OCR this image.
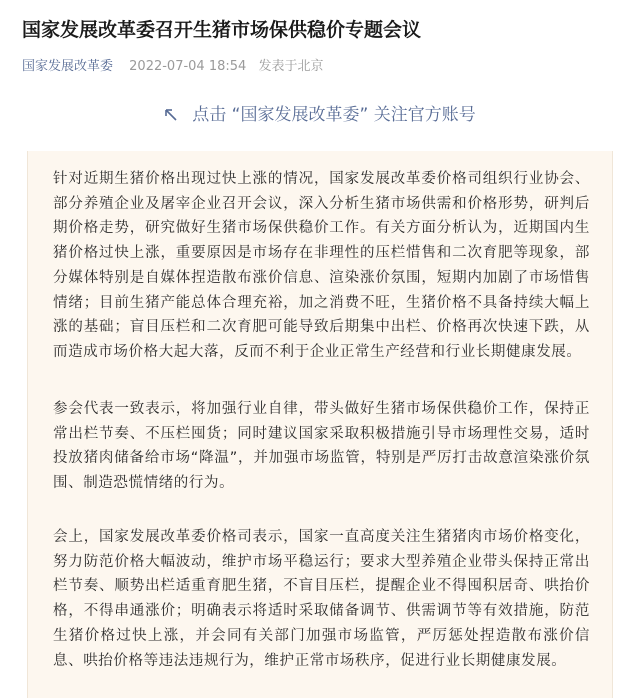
国家发展改革委召开生猪市场保供稳价专题会议
国家发展改革委 2022-07-04 18:54 发表于北京
点击 “国家发展改革委” 关注官方账号

针对近期生猪价格出现过快上涨的情况，国家发展改革委价格司组织行业协会、部分养殖企业及屠宰企业召开会议，深入分析生猪市场供需和价格形势，研判后期价格走势，研究做好生猪市场保供稳价工作。有关方面分析认为，近期国内生猪价格过快上涨，重要原因是市场存在非理性的压栏惜售和二次育肥等现象，部分媒体特别是自媒体捏造散布涨价信息、渲染涨价氛围，短期内加剧了市场惜售情绪；目前生猪产能总体合理充裕，加之消费不旺，生猪价格不具备持续大幅上涨的基础；盲目压栏和二次育肥可能导致后期集中出栏、价格再次快速下跌，从而造成市场价格大起大落，反而不利于企业正常生产经营和行业长期健康发展。

参会代表一致表示，将加强行业自律，带头做好生猪市场保供稳价工作，保持正常出栏节奏、不压栏囤货；同时建议国家采取积极措施引导市场理性交易，适时投放猪肉储备给市场“降温”，并加强市场监管，特别是严厉打击故意渲染涨价氛围、制造恐慌情绪的行为。

会上，国家发展改革委价格司表示，国家一直高度关注生猪猪肉市场价格变化，努力防范价格大幅波动，维护市场平稳运行；要求大型养殖企业带头保持正常出栏节奏、顺势出栏适重育肥生猪，不盲目压栏，提醒企业不得囤积居奇、哄抬价格，不得串通涨价；明确表示将适时采取储备调节、供需调节等有效措施，防范生猪价格过快上涨，并会同有关部门加强市场监管，严厉惩处捏造散布涨价信息、哄抬价格等违法违规行为，维护正常市场秩序，促进行业长期健康发展。
